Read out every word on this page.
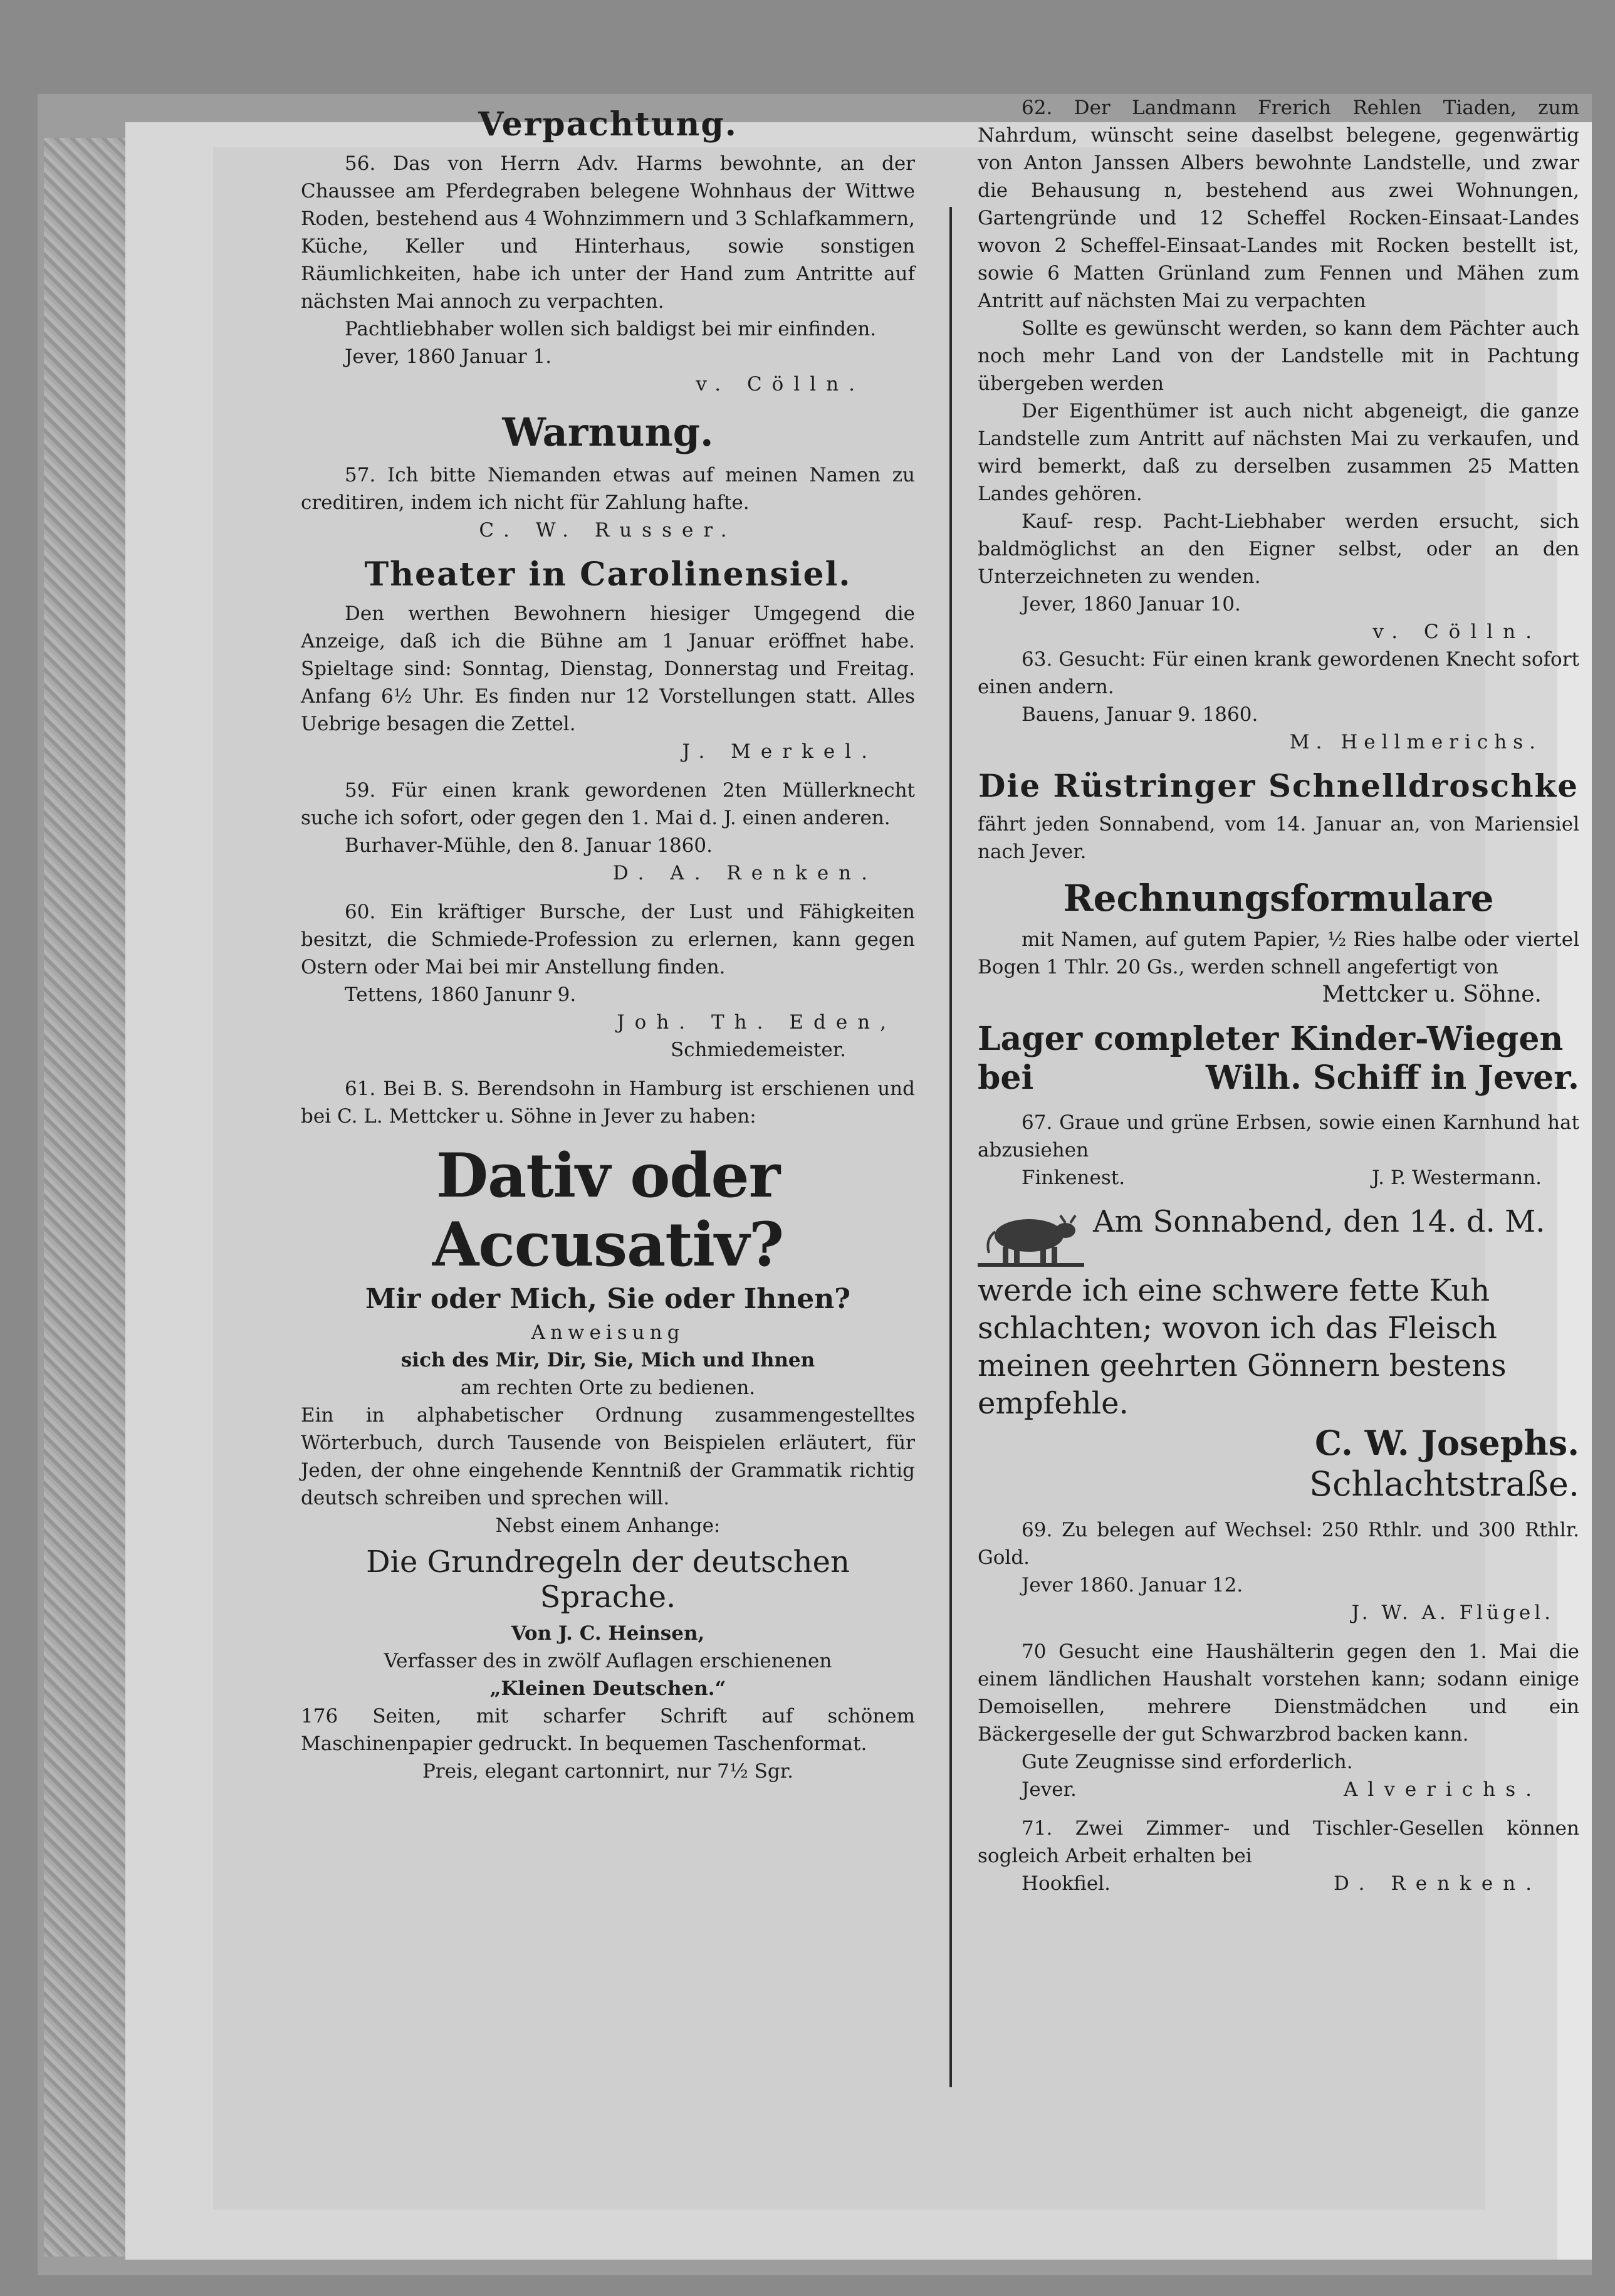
Verpachtung.

56. Das von Herrn Adv. Harms bewohnte, an der Chaussee am Pferdegraben belegene Wohnhaus der Wittwe Roden, bestehend aus 4 Wohnzimmern und 3 Schlafkammern, Küche, Keller und Hinterhaus, sowie sonstigen Räumlichkeiten, habe ich unter der Hand zum Antritte auf nächsten Mai annoch zu verpachten.

Pachtliebhaber wollen sich baldigst bei mir einfinden.

Jever, 1860 Januar 1.

v. Cölln.

Warnung.

57. Ich bitte Niemanden etwas auf meinen Namen zu creditiren, indem ich nicht für Zahlung hafte.

C. W. Russer.

Theater in Carolinensiel.

Den werthen Bewohnern hiesiger Umgegend die Anzeige, daß ich die Bühne am 1 Januar eröffnet habe. Spieltage sind: Sonntag, Dienstag, Donnerstag und Freitag. Anfang 6½ Uhr. Es finden nur 12 Vorstellungen statt. Alles Uebrige besagen die Zettel.

J. Merkel.

59. Für einen krank gewordenen 2ten Müllerknecht suche ich sofort, oder gegen den 1. Mai d. J. einen anderen.

Burhaver-Mühle, den 8. Januar 1860.

D. A. Renken.

60. Ein kräftiger Bursche, der Lust und Fähigkeiten besitzt, die Schmiede-Profession zu erlernen, kann gegen Ostern oder Mai bei mir Anstellung finden.

Tettens, 1860 Janunr 9.

Joh. Th. Eden,

Schmiedemeister.

61. Bei B. S. Berendsohn in Hamburg ist erschienen und bei C. L. Mettcker u. Söhne in Jever zu haben:

Dativ oder Accusativ?
Mir oder Mich, Sie oder Ihnen?

Anweisung

sich des Mir, Dir, Sie, Mich und Ihnen

am rechten Orte zu bedienen.

Ein in alphabetischer Ordnung zusammengestelltes Wörterbuch, durch Tausende von Beispielen erläutert, für Jeden, der ohne eingehende Kenntniß der Grammatik richtig deutsch schreiben und sprechen will.

Nebst einem Anhange:

Die Grundregeln der deutschen Sprache.

Von J. C. Heinsen,

Verfasser des in zwölf Auflagen erschienenen

„Kleinen Deutschen.“

176 Seiten, mit scharfer Schrift auf schönem Maschinenpapier gedruckt. In bequemen Taschenformat.

Preis, elegant cartonnirt, nur 7½ Sgr.

62. Der Landmann Frerich Rehlen Tiaden, zum Nahrdum, wünscht seine daselbst belegene, gegenwärtig von Anton Janssen Albers bewohnte Landstelle, und zwar die Behausung n, bestehend aus zwei Wohnungen, Gartengründe und 12 Scheffel Rocken-Einsaat-Landes wovon 2 Scheffel-Einsaat-Landes mit Rocken bestellt ist, sowie 6 Matten Grünland zum Fennen und Mähen zum Antritt auf nächsten Mai zu verpachten

Sollte es gewünscht werden, so kann dem Pächter auch noch mehr Land von der Landstelle mit in Pachtung übergeben werden

Der Eigenthümer ist auch nicht abgeneigt, die ganze Landstelle zum Antritt auf nächsten Mai zu verkaufen, und wird bemerkt, daß zu derselben zusammen 25 Matten Landes gehören.

Kauf- resp. Pacht-Liebhaber werden ersucht, sich baldmöglichst an den Eigner selbst, oder an den Unterzeichneten zu wenden.

Jever, 1860 Januar 10.

v. Cölln.

63. Gesucht: Für einen krank gewordenen Knecht sofort einen andern.

Bauens, Januar 9. 1860.

M. Hellmerichs.

Die Rüstringer Schnelldroschke

fährt jeden Sonnabend, vom 14. Januar an, von Mariensiel nach Jever.

Rechnungsformulare

mit Namen, auf gutem Papier, ½ Ries halbe oder viertel Bogen 1 Thlr. 20 Gs., werden schnell angefertigt von

Mettcker u. Söhne.

Lager completer Kinder-Wiegen
bei	Wilh. Schiff in Jever.

67. Graue und grüne Erbsen, sowie einen Karnhund hat abzusiehen

Finkenest.	J. P. Westermann.

Am Sonnabend, den 14. d. M. werde ich eine schwere fette Kuh schlachten; wovon ich das Fleisch meinen geehrten Gönnern bestens empfehle.
C. W. Josephs.
Schlachtstraße.

69. Zu belegen auf Wechsel: 250 Rthlr. und 300 Rthlr. Gold.

Jever 1860. Januar 12.

J. W. A. Flügel.

70 Gesucht eine Haushälterin gegen den 1. Mai die einem ländlichen Haushalt vorstehen kann; sodann einige Demoisellen, mehrere Dienstmädchen und ein Bäckergeselle der gut Schwarzbrod backen kann.

Gute Zeugnisse sind erforderlich.

Jever.	Alverichs.

71. Zwei Zimmer- und Tischler-Gesellen können sogleich Arbeit erhalten bei

Hookfiel.	D. Renken.
